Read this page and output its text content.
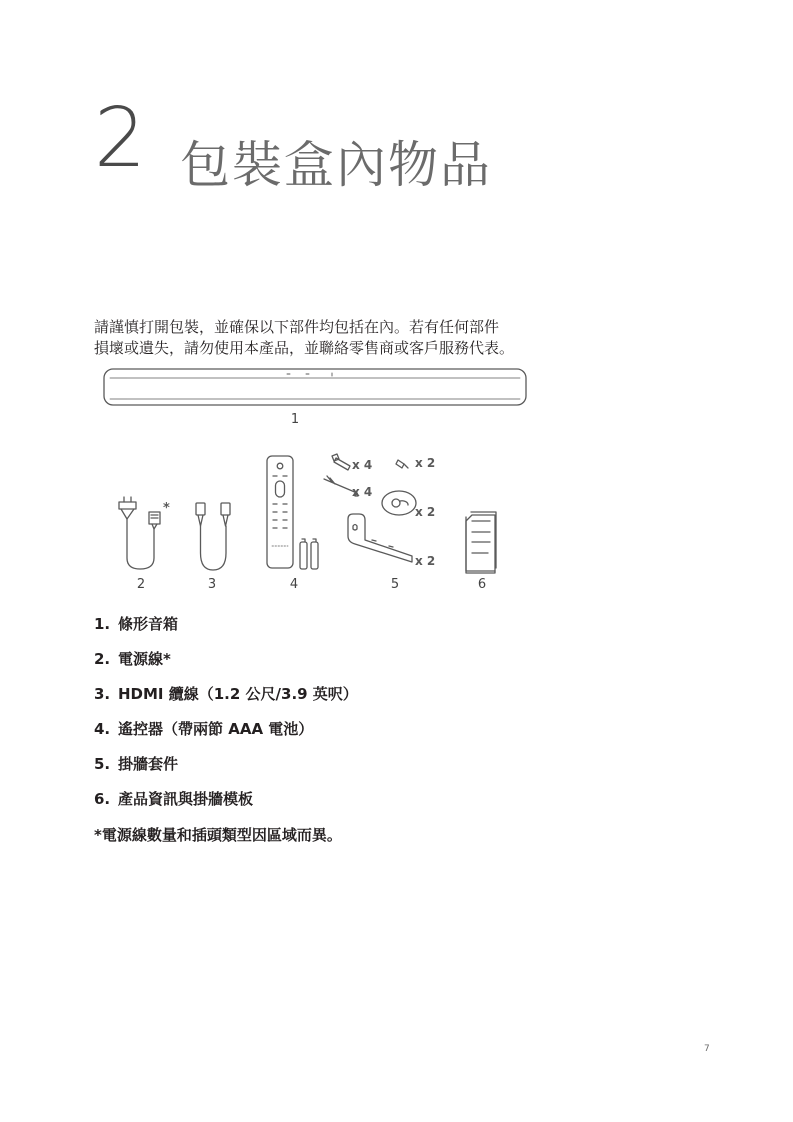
2 包裝盒內物品

請謹慎打開包裝，並確保以下部件均包括在內。若有任何部件

損壞或遺失，請勿使用本產品，並聯絡零售商或客戶服務代表。

1
2	3	4	5	6
x 4	x 2
x 4
x 2
x 2
*
1. 條形音箱
2. 電源線*
3. HDMI 纜線（1.2 公尺/3.9 英呎）
4. 遙控器（帶兩節 AAA 電池）
5. 掛牆套件
6. 產品資訊與掛牆模板
*電源線數量和插頭類型因區域而異。
7
